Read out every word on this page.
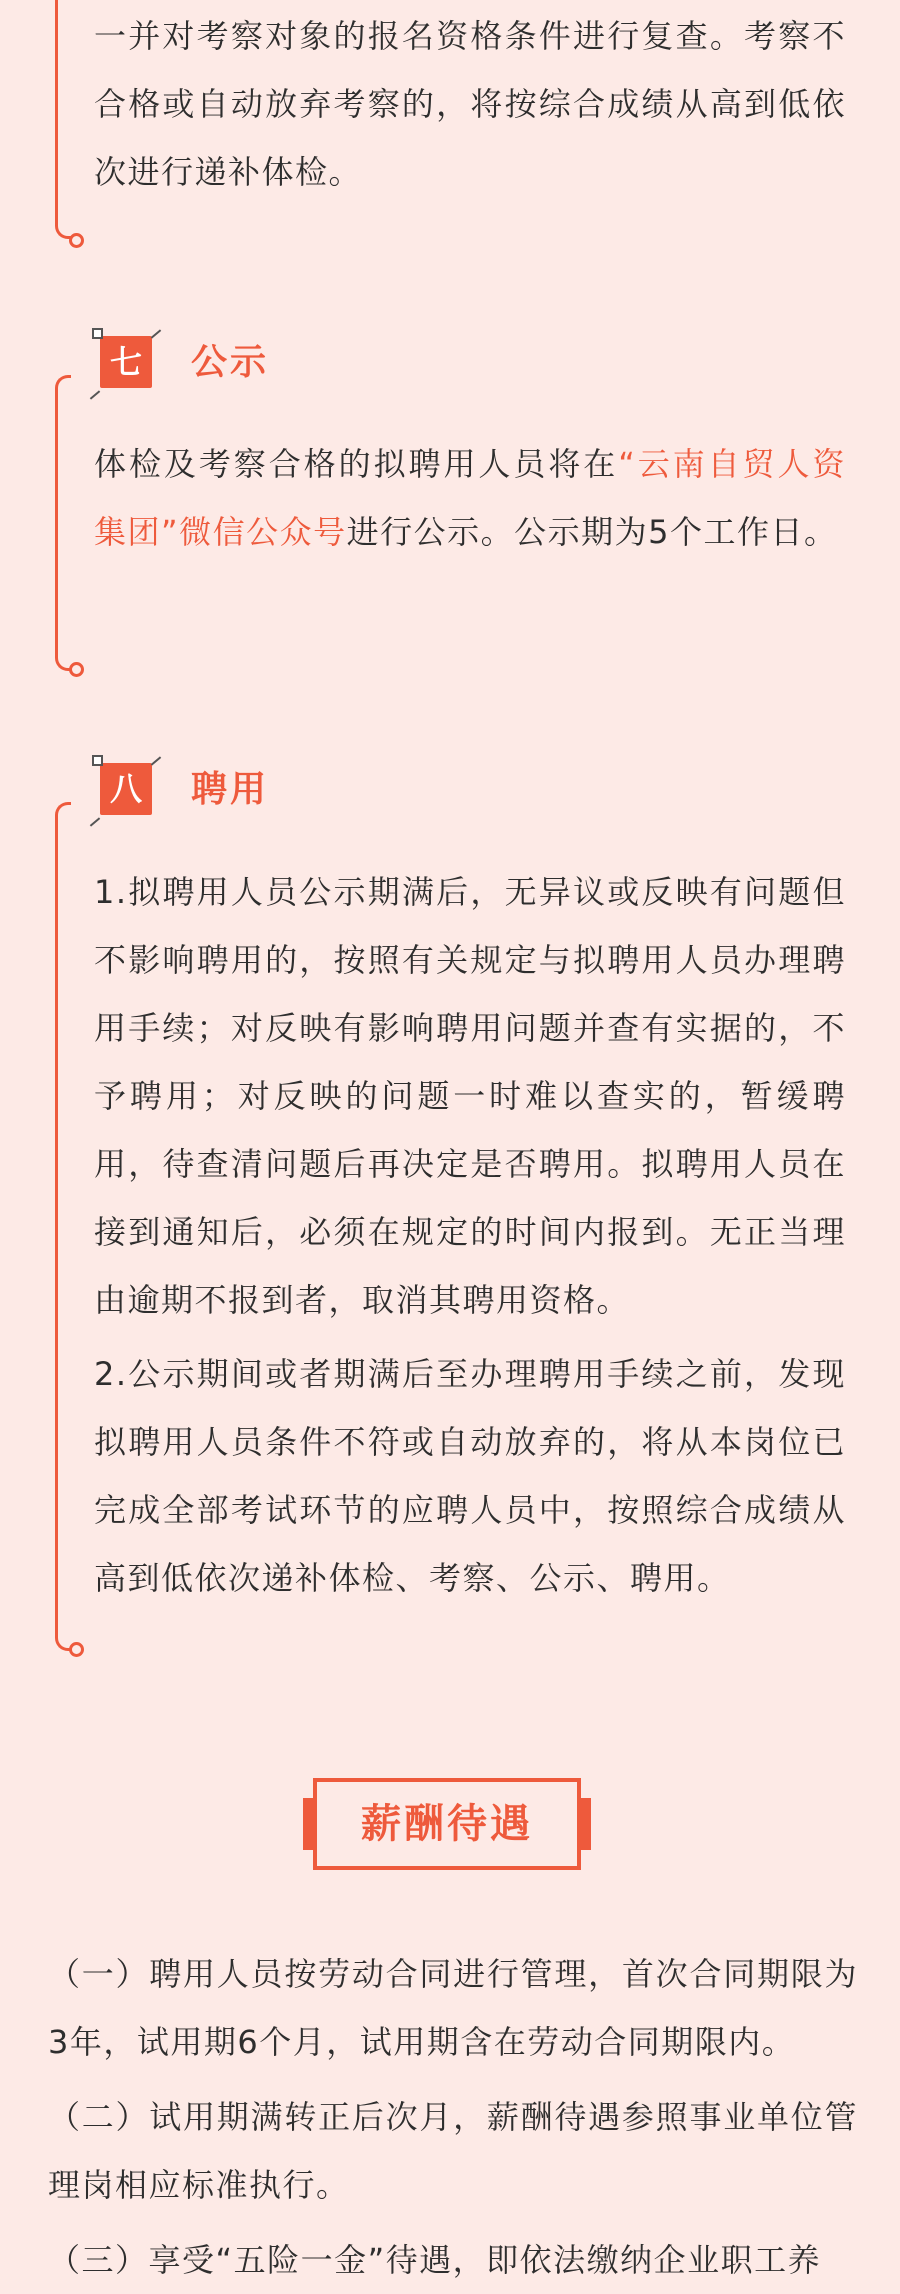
一并对考察对象的报名资格条件进行复查。考察不合格或自动放弃考察的，将按综合成绩从高到低依次进行递补体检。

七 公示

体检及考察合格的拟聘用人员将在“云南自贸人资集团”微信公众号进行公示。公示期为5个工作日。

八 聘用

1.拟聘用人员公示期满后，无异议或反映有问题但不影响聘用的，按照有关规定与拟聘用人员办理聘用手续；对反映有影响聘用问题并查有实据的，不予聘用；对反映的问题一时难以查实的，暂缓聘用，待查清问题后再决定是否聘用。拟聘用人员在接到通知后，必须在规定的时间内报到。无正当理由逾期不报到者，取消其聘用资格。

2.公示期间或者期满后至办理聘用手续之前，发现拟聘用人员条件不符或自动放弃的，将从本岗位已完成全部考试环节的应聘人员中，按照综合成绩从高到低依次递补体检、考察、公示、聘用。

薪酬待遇

（一）聘用人员按劳动合同进行管理，首次合同期限为3年，试用期6个月，试用期含在劳动合同期限内。

（二）试用期满转正后次月，薪酬待遇参照事业单位管理岗相应标准执行。

（三）享受“五险一金”待遇，即依法缴纳企业职工养
